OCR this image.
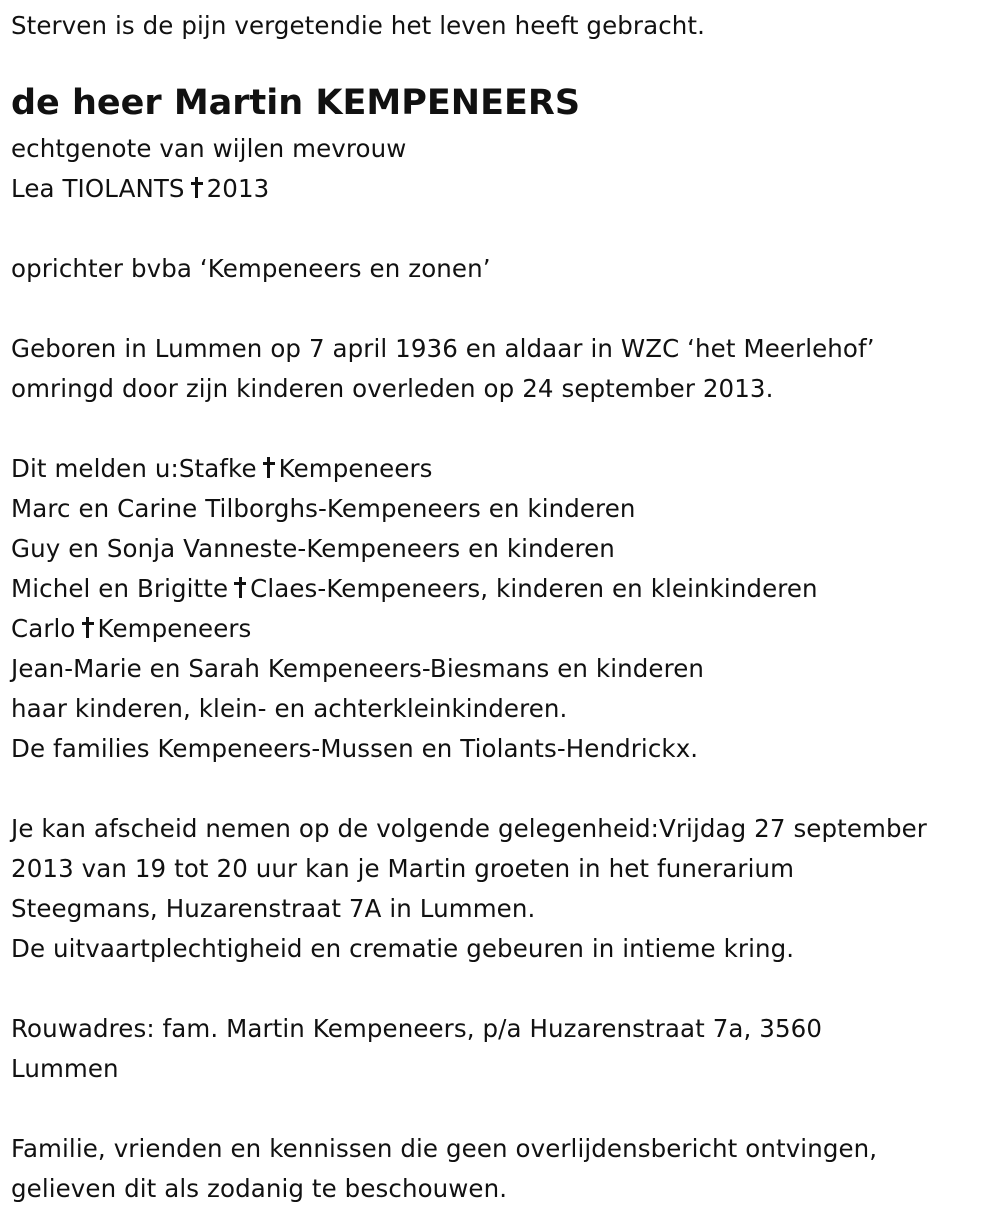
Sterven is de pijn vergetendie het leven heeft gebracht.
de heer Martin KEMPENEERS
echtgenote van wijlen mevrouw
Lea TIOLANTS 2013
oprichter bvba ‘Kempeneers en zonen’
Geboren in Lummen op 7 april 1936 en aldaar in WZC ‘het Meerlehof’
omringd door zijn kinderen overleden op 24 september 2013.
Dit melden u:Stafke Kempeneers
Marc en Carine Tilborghs-Kempeneers en kinderen
Guy en Sonja Vanneste-Kempeneers en kinderen
Michel en Brigitte Claes-Kempeneers, kinderen en kleinkinderen
Carlo Kempeneers
Jean-Marie en Sarah Kempeneers-Biesmans en kinderen
haar kinderen, klein- en achterkleinkinderen.
De families Kempeneers-Mussen en Tiolants-Hendrickx.
Je kan afscheid nemen op de volgende gelegenheid:Vrijdag 27 september
2013 van 19 tot 20 uur kan je Martin groeten in het funerarium
Steegmans, Huzarenstraat 7A in Lummen.
De uitvaartplechtigheid en crematie gebeuren in intieme kring.
Rouwadres: fam. Martin Kempeneers, p/a Huzarenstraat 7a, 3560
Lummen
Familie, vrienden en kennissen die geen overlijdensbericht ontvingen,
gelieven dit als zodanig te beschouwen.
